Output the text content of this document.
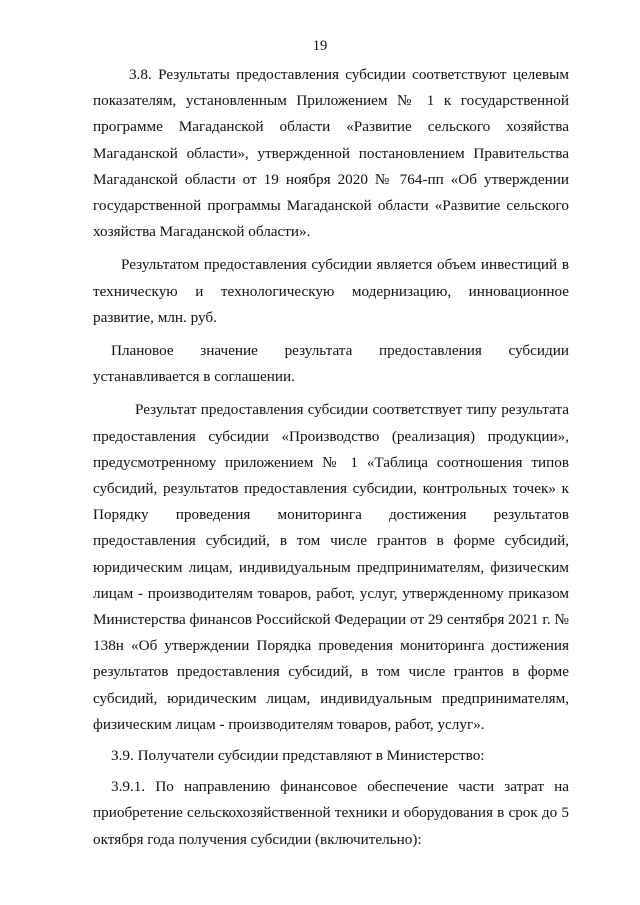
19

3.8. Результаты предоставления субсидии соответствуют целевым показателям, установленным Приложением № 1 к государственной программе Магаданской области «Развитие сельского хозяйства Магаданской области», утвержденной постановлением Правительства Магаданской области от 19 ноября 2020 № 764-пп «Об утверждении государственной программы Магаданской области «Развитие сельского хозяйства Магаданской области».

Результатом предоставления субсидии является объем инвестиций в техническую и технологическую модернизацию, инновационное развитие, млн. руб.

Плановое значение результата предоставления субсидии

устанавливается в соглашении.

Результат предоставления субсидии соответствует типу результата предоставления субсидии «Производство (реализация) продукции», предусмотренному приложением № 1 «Таблица соотношения типов субсидий, результатов предоставления субсидии, контрольных точек» к Порядку проведения мониторинга достижения результатов предоставления субсидий, в том числе грантов в форме субсидий, юридическим лицам, индивидуальным предпринимателям, физическим лицам - производителям товаров, работ, услуг, утвержденному приказом Министерства финансов Российской Федерации от 29 сентября 2021 г. № 138н «Об утверждении Порядка проведения мониторинга достижения результатов предоставления субсидий, в том числе грантов в форме субсидий, юридическим лицам, индивидуальным предпринимателям, физическим лицам - производителям товаров, работ, услуг».

3.9. Получатели субсидии представляют в Министерство:

3.9.1. По направлению финансовое обеспечение части затрат на приобретение сельскохозяйственной техники и оборудования в срок до 5 октября года получения субсидии (включительно):
